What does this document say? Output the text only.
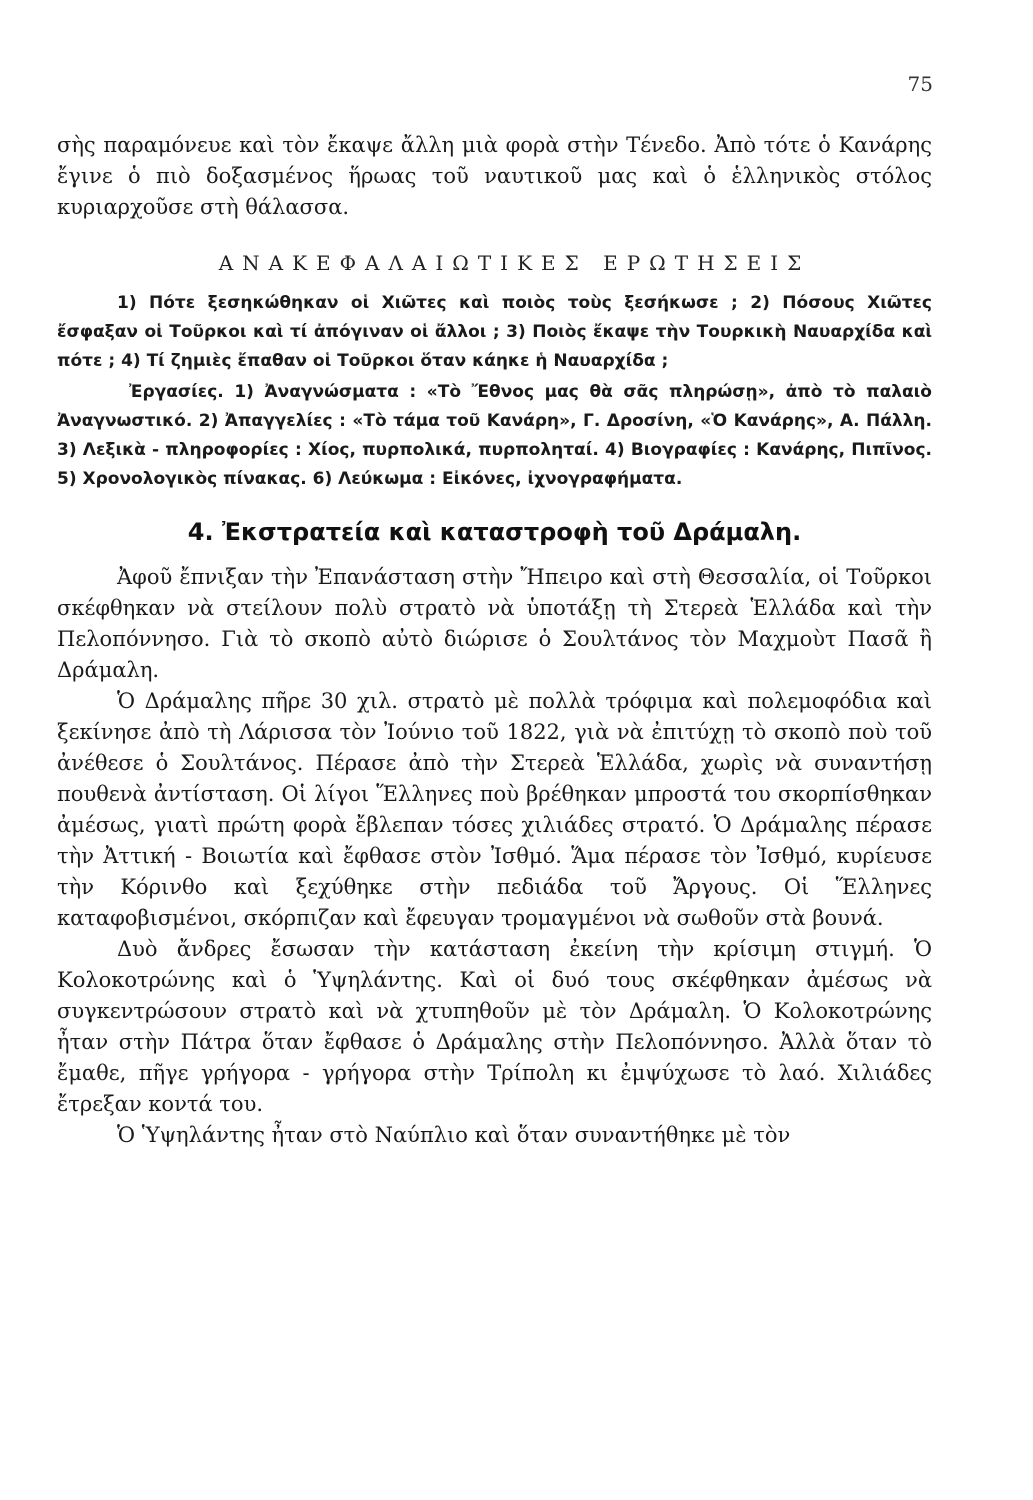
75

σὴς παραμόνευε καὶ τὸν ἔκαψε ἄλλη μιὰ φορὰ στὴν Τένεδο. Ἀπὸ τότε ὁ Κανάρης ἔγινε ὁ πιὸ δοξασμένος ἥρωας τοῦ ναυτικοῦ μας καὶ ὁ ἑλληνικὸς στόλος κυριαρχοῦσε στὴ θάλασσα.

ΑΝΑΚΕΦΑΛΑΙΩΤΙΚΕΣ ΕΡΩΤΗΣΕΙΣ

1) Πότε ξεσηκώθηκαν οἱ Χιῶτες καὶ ποιὸς τοὺς ξεσήκωσε ; 2) Πόσους Χιῶτες ἔσφαξαν οἱ Τοῦρκοι καὶ τί ἀπόγιναν οἱ ἄλλοι ; 3) Ποιὸς ἔκαψε τὴν Τουρκικὴ Ναυαρχίδα καὶ πότε ; 4) Τί ζημιὲς ἔπαθαν οἱ Τοῦρκοι ὅταν κάηκε ἡ Ναυαρχίδα ;

Ἐργασίες. 1) Ἀναγνώσματα : «Τὸ Ἔθνος μας θὰ σᾶς πληρώσῃ», ἀπὸ τὸ παλαιὸ Ἀναγνωστικό. 2) Ἀπαγγελίες : «Τὸ τάμα τοῦ Κανάρη», Γ. Δροσίνη, «Ὁ Κανάρης», Α. Πάλλη. 3) Λεξικὰ - πληροφορίες : Χίος, πυρπολικά, πυρποληταί. 4) Βιογραφίες : Κανάρης, Πιπῖνος. 5) Χρονολογικὸς πίνακας. 6) Λεύκωμα : Εἰκόνες, ἰχνογραφήματα.

4. Ἐκστρατεία καὶ καταστροφὴ τοῦ Δράμαλη.

Ἀφοῦ ἔπνιξαν τὴν Ἐπανάσταση στὴν Ἤπειρο καὶ στὴ Θεσσαλία, οἱ Τοῦρκοι σκέφθηκαν νὰ στείλουν πολὺ στρατὸ νὰ ὑποτάξῃ τὴ Στερεὰ Ἑλλάδα καὶ τὴν Πελοπόννησο. Γιὰ τὸ σκοπὸ αὐτὸ διώρισε ὁ Σουλτάνος τὸν Μαχμοὺτ Πασᾶ ἢ Δράμαλη.

Ὁ Δράμαλης πῆρε 30 χιλ. στρατὸ μὲ πολλὰ τρόφιμα καὶ πολεμοφόδια καὶ ξεκίνησε ἀπὸ τὴ Λάρισσα τὸν Ἰούνιο τοῦ 1822, γιὰ νὰ ἐπιτύχῃ τὸ σκοπὸ ποὺ τοῦ ἀνέθεσε ὁ Σουλτάνος. Πέρασε ἀπὸ τὴν Στερεὰ Ἑλλάδα, χωρὶς νὰ συναντήσῃ πουθενὰ ἀντίσταση. Οἱ λίγοι Ἕλληνες ποὺ βρέθηκαν μπροστά του σκορπίσθηκαν ἀμέσως, γιατὶ πρώτη φορὰ ἔβλεπαν τόσες χιλιάδες στρατό. Ὁ Δράμαλης πέρασε τὴν Ἀττική - Βοιωτία καὶ ἔφθασε στὸν Ἰσθμό. Ἅμα πέρασε τὸν Ἰσθμό, κυρίευσε τὴν Κόρινθο καὶ ξεχύθηκε στὴν πεδιάδα τοῦ Ἄργους. Οἱ Ἕλληνες καταφοβισμένοι, σκόρπιζαν καὶ ἔφευγαν τρομαγμένοι νὰ σωθοῦν στὰ βουνά.

Δυὸ ἄνδρες ἔσωσαν τὴν κατάσταση ἐκείνη τὴν κρίσιμη στιγμή. Ὁ Κολοκοτρώνης καὶ ὁ Ὑψηλάντης. Καὶ οἱ δυό τους σκέφθηκαν ἀμέσως νὰ συγκεντρώσουν στρατὸ καὶ νὰ χτυπηθοῦν μὲ τὸν Δράμαλη. Ὁ Κολοκοτρώνης ἦταν στὴν Πάτρα ὅταν ἔφθασε ὁ Δράμαλης στὴν Πελοπόννησο. Ἀλλὰ ὅταν τὸ ἔμαθε, πῆγε γρήγορα - γρήγορα στὴν Τρίπολη κι ἐμψύχωσε τὸ λαό. Χιλιάδες ἔτρεξαν κοντά του.

Ὁ Ὑψηλάντης ἦταν στὸ Ναύπλιο καὶ ὅταν συναντήθηκε μὲ τὸν
